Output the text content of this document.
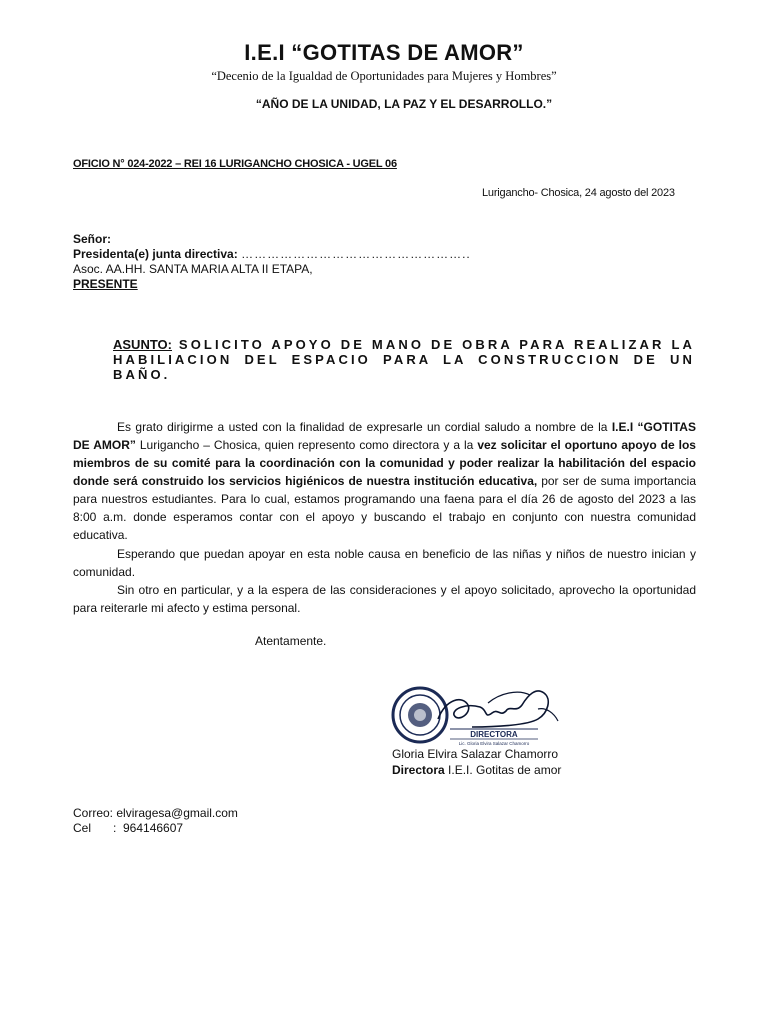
I.E.I “GOTITAS DE AMOR”
“Decenio de la Igualdad de Oportunidades para Mujeres y Hombres”
“AÑO DE LA UNIDAD, LA PAZ Y EL DESARROLLO.”
OFICIO N° 024-2022 – REI 16 LURIGANCHO CHOSICA - UGEL 06
Lurigancho- Chosica, 24 agosto del 2023
Señor:
Presidenta(e) junta directiva: ……………………………………………..
Asoc. AA.HH. SANTA MARIA ALTA II ETAPA,
PRESENTE
ASUNTO: SOLICITO APOYO DE MANO DE OBRA PARA REALIZAR LA HABILIACION DEL ESPACIO PARA LA CONSTRUCCION DE UN BAÑO.
Es grato dirigirme a usted con la finalidad de expresarle un cordial saludo a nombre de la I.E.I “GOTITAS DE AMOR” Lurigancho – Chosica, quien represento como directora y a la vez solicitar el oportuno apoyo de los miembros de su comité para la coordinación con la comunidad y poder realizar la habilitación del espacio donde será construido los servicios higiénicos de nuestra institución educativa, por ser de suma importancia para nuestros estudiantes. Para lo cual, estamos programando una faena para el día 26 de agosto del 2023 a las 8:00 a.m. donde esperamos contar con el apoyo y buscando el trabajo en conjunto con nuestra comunidad educativa.
Esperando que puedan apoyar en esta noble causa en beneficio de las niñas y niños de nuestro inician y comunidad.
Sin otro en particular, y a la espera de las consideraciones y el apoyo solicitado, aprovecho la oportunidad para reiterarle mi afecto y estima personal.
Atentamente.
DIRECTORA
Lic. Gloria Elvira Salazar Chamorro
Gloria Elvira Salazar Chamorro
Directora I.E.I. Gotitas de amor
Correo: elviragesa@gmail.com
Cel : 964146607
